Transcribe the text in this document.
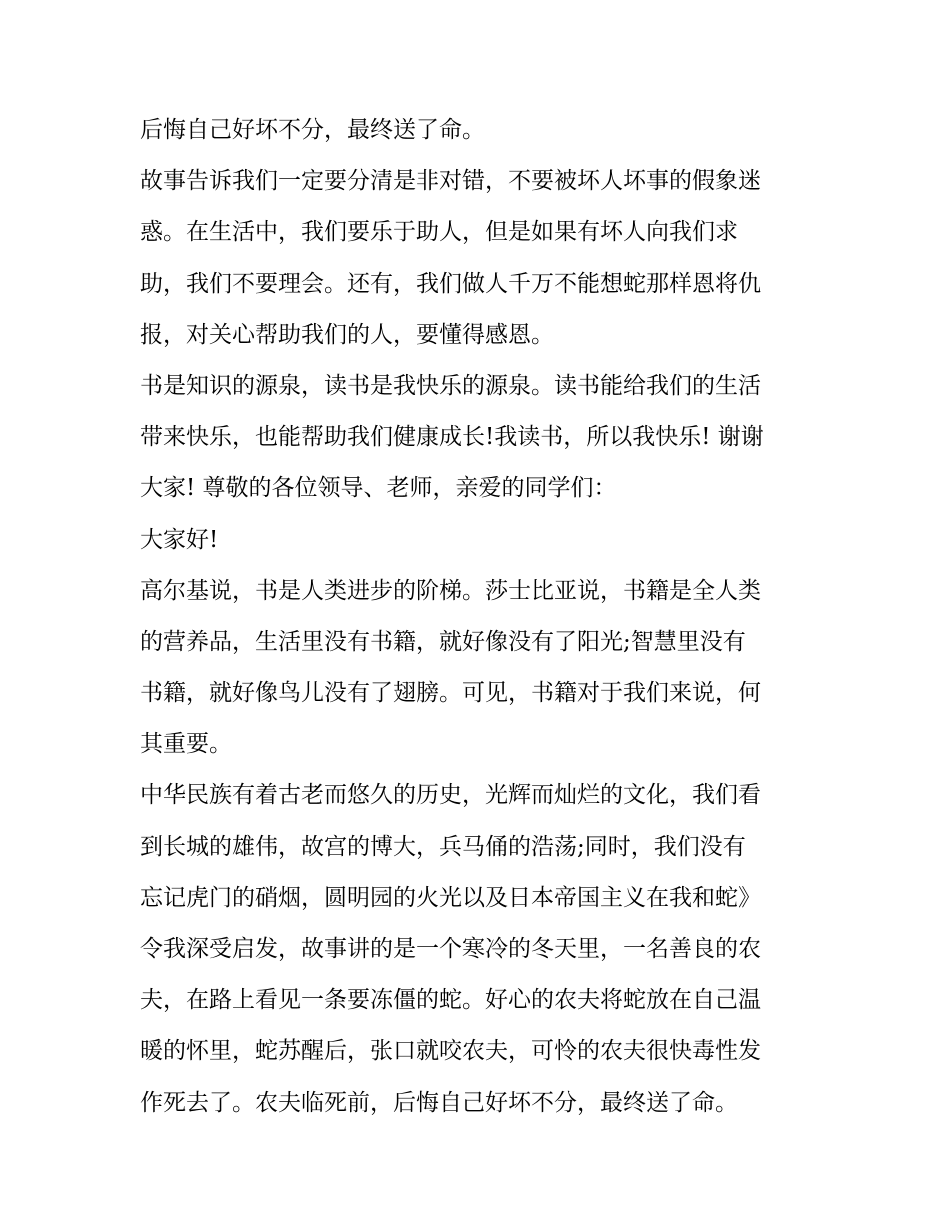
后悔自己好坏不分，最终送了命。
故事告诉我们一定要分清是非对错，不要被坏人坏事的假象迷
惑。在生活中，我们要乐于助人，但是如果有坏人向我们求
助，我们不要理会。还有，我们做人千万不能想蛇那样恩将仇
报，对关心帮助我们的人，要懂得感恩。
书是知识的源泉，读书是我快乐的源泉。读书能给我们的生活
带来快乐，也能帮助我们健康成长!我读书，所以我快乐! 谢谢
大家! 尊敬的各位领导、老师，亲爱的同学们：
大家好!
高尔基说，书是人类进步的阶梯。莎士比亚说，书籍是全人类
的营养品，生活里没有书籍，就好像没有了阳光;智慧里没有
书籍，就好像鸟儿没有了翅膀。可见，书籍对于我们来说，何
其重要。
中华民族有着古老而悠久的历史，光辉而灿烂的文化，我们看
到长城的雄伟，故宫的博大，兵马俑的浩荡;同时，我们没有
忘记虎门的硝烟，圆明园的火光以及日本帝国主义在我和蛇》
令我深受启发，故事讲的是一个寒冷的冬天里，一名善良的农
夫，在路上看见一条要冻僵的蛇。好心的农夫将蛇放在自己温
暖的怀里，蛇苏醒后，张口就咬农夫，可怜的农夫很快毒性发
作死去了。农夫临死前，后悔自己好坏不分，最终送了命。
